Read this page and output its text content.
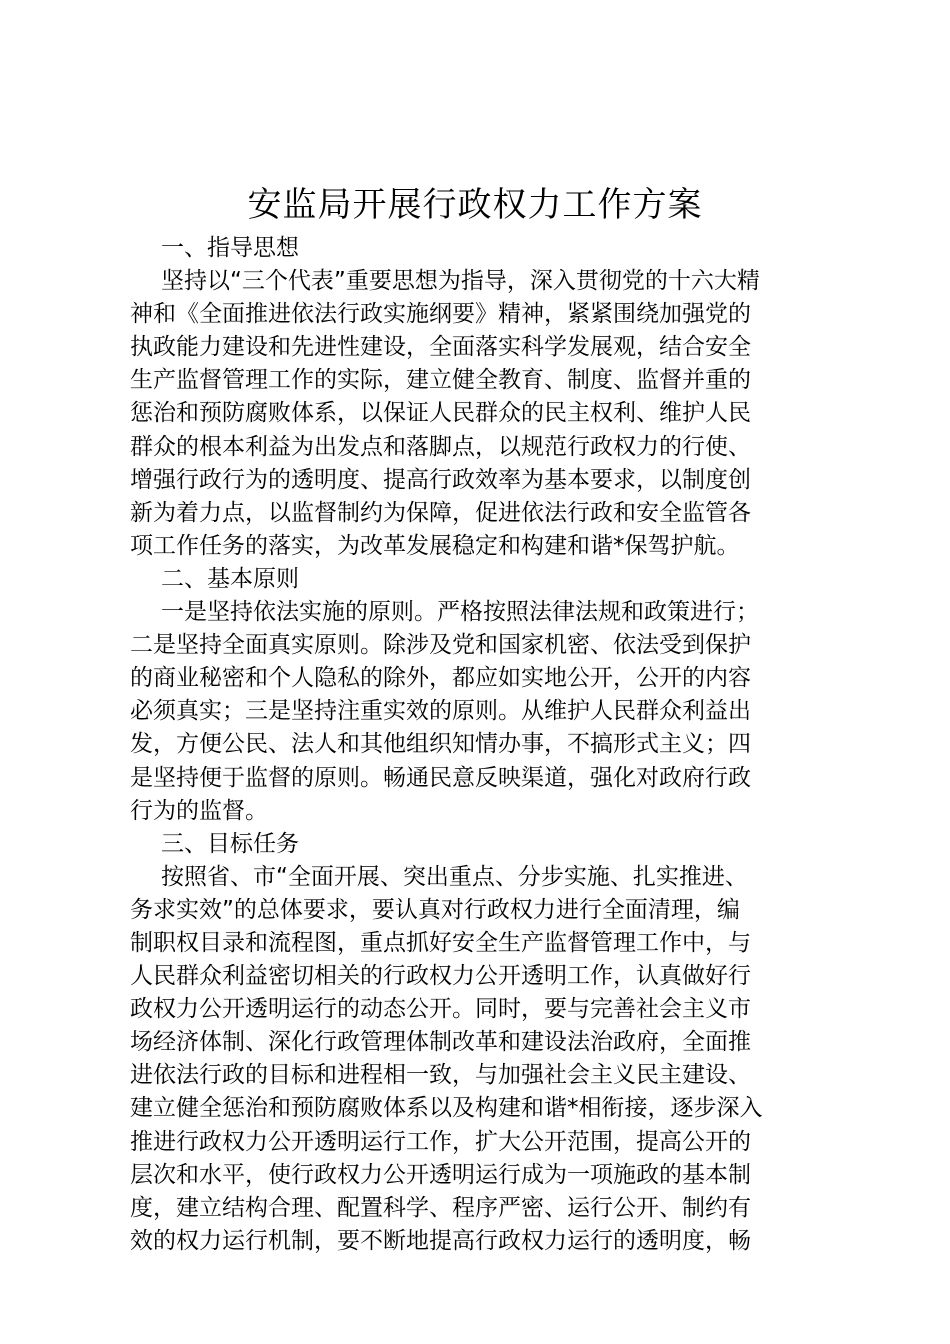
安监局开展行政权力工作方案
一、指导思想
坚持以“三个代表”重要思想为指导，深入贯彻党的十六大精
神和《全面推进依法行政实施纲要》精神，紧紧围绕加强党的
执政能力建设和先进性建设，全面落实科学发展观，结合安全
生产监督管理工作的实际，建立健全教育、制度、监督并重的
惩治和预防腐败体系，以保证人民群众的民主权利、维护人民
群众的根本利益为出发点和落脚点，以规范行政权力的行使、
增强行政行为的透明度、提高行政效率为基本要求，以制度创
新为着力点，以监督制约为保障，促进依法行政和安全监管各
项工作任务的落实，为改革发展稳定和构建和谐*保驾护航。
二、基本原则
一是坚持依法实施的原则。严格按照法律法规和政策进行；
二是坚持全面真实原则。除涉及党和国家机密、依法受到保护
的商业秘密和个人隐私的除外，都应如实地公开，公开的内容
必须真实；三是坚持注重实效的原则。从维护人民群众利益出
发，方便公民、法人和其他组织知情办事，不搞形式主义；四
是坚持便于监督的原则。畅通民意反映渠道，强化对政府行政
行为的监督。
三、目标任务
按照省、市“全面开展、突出重点、分步实施、扎实推进、
务求实效”的总体要求，要认真对行政权力进行全面清理，编
制职权目录和流程图，重点抓好安全生产监督管理工作中，与
人民群众利益密切相关的行政权力公开透明工作，认真做好行
政权力公开透明运行的动态公开。同时，要与完善社会主义市
场经济体制、深化行政管理体制改革和建设法治政府，全面推
进依法行政的目标和进程相一致，与加强社会主义民主建设、
建立健全惩治和预防腐败体系以及构建和谐*相衔接，逐步深入
推进行政权力公开透明运行工作，扩大公开范围，提高公开的
层次和水平，使行政权力公开透明运行成为一项施政的基本制
度，建立结构合理、配置科学、程序严密、运行公开、制约有
效的权力运行机制，要不断地提高行政权力运行的透明度，畅
